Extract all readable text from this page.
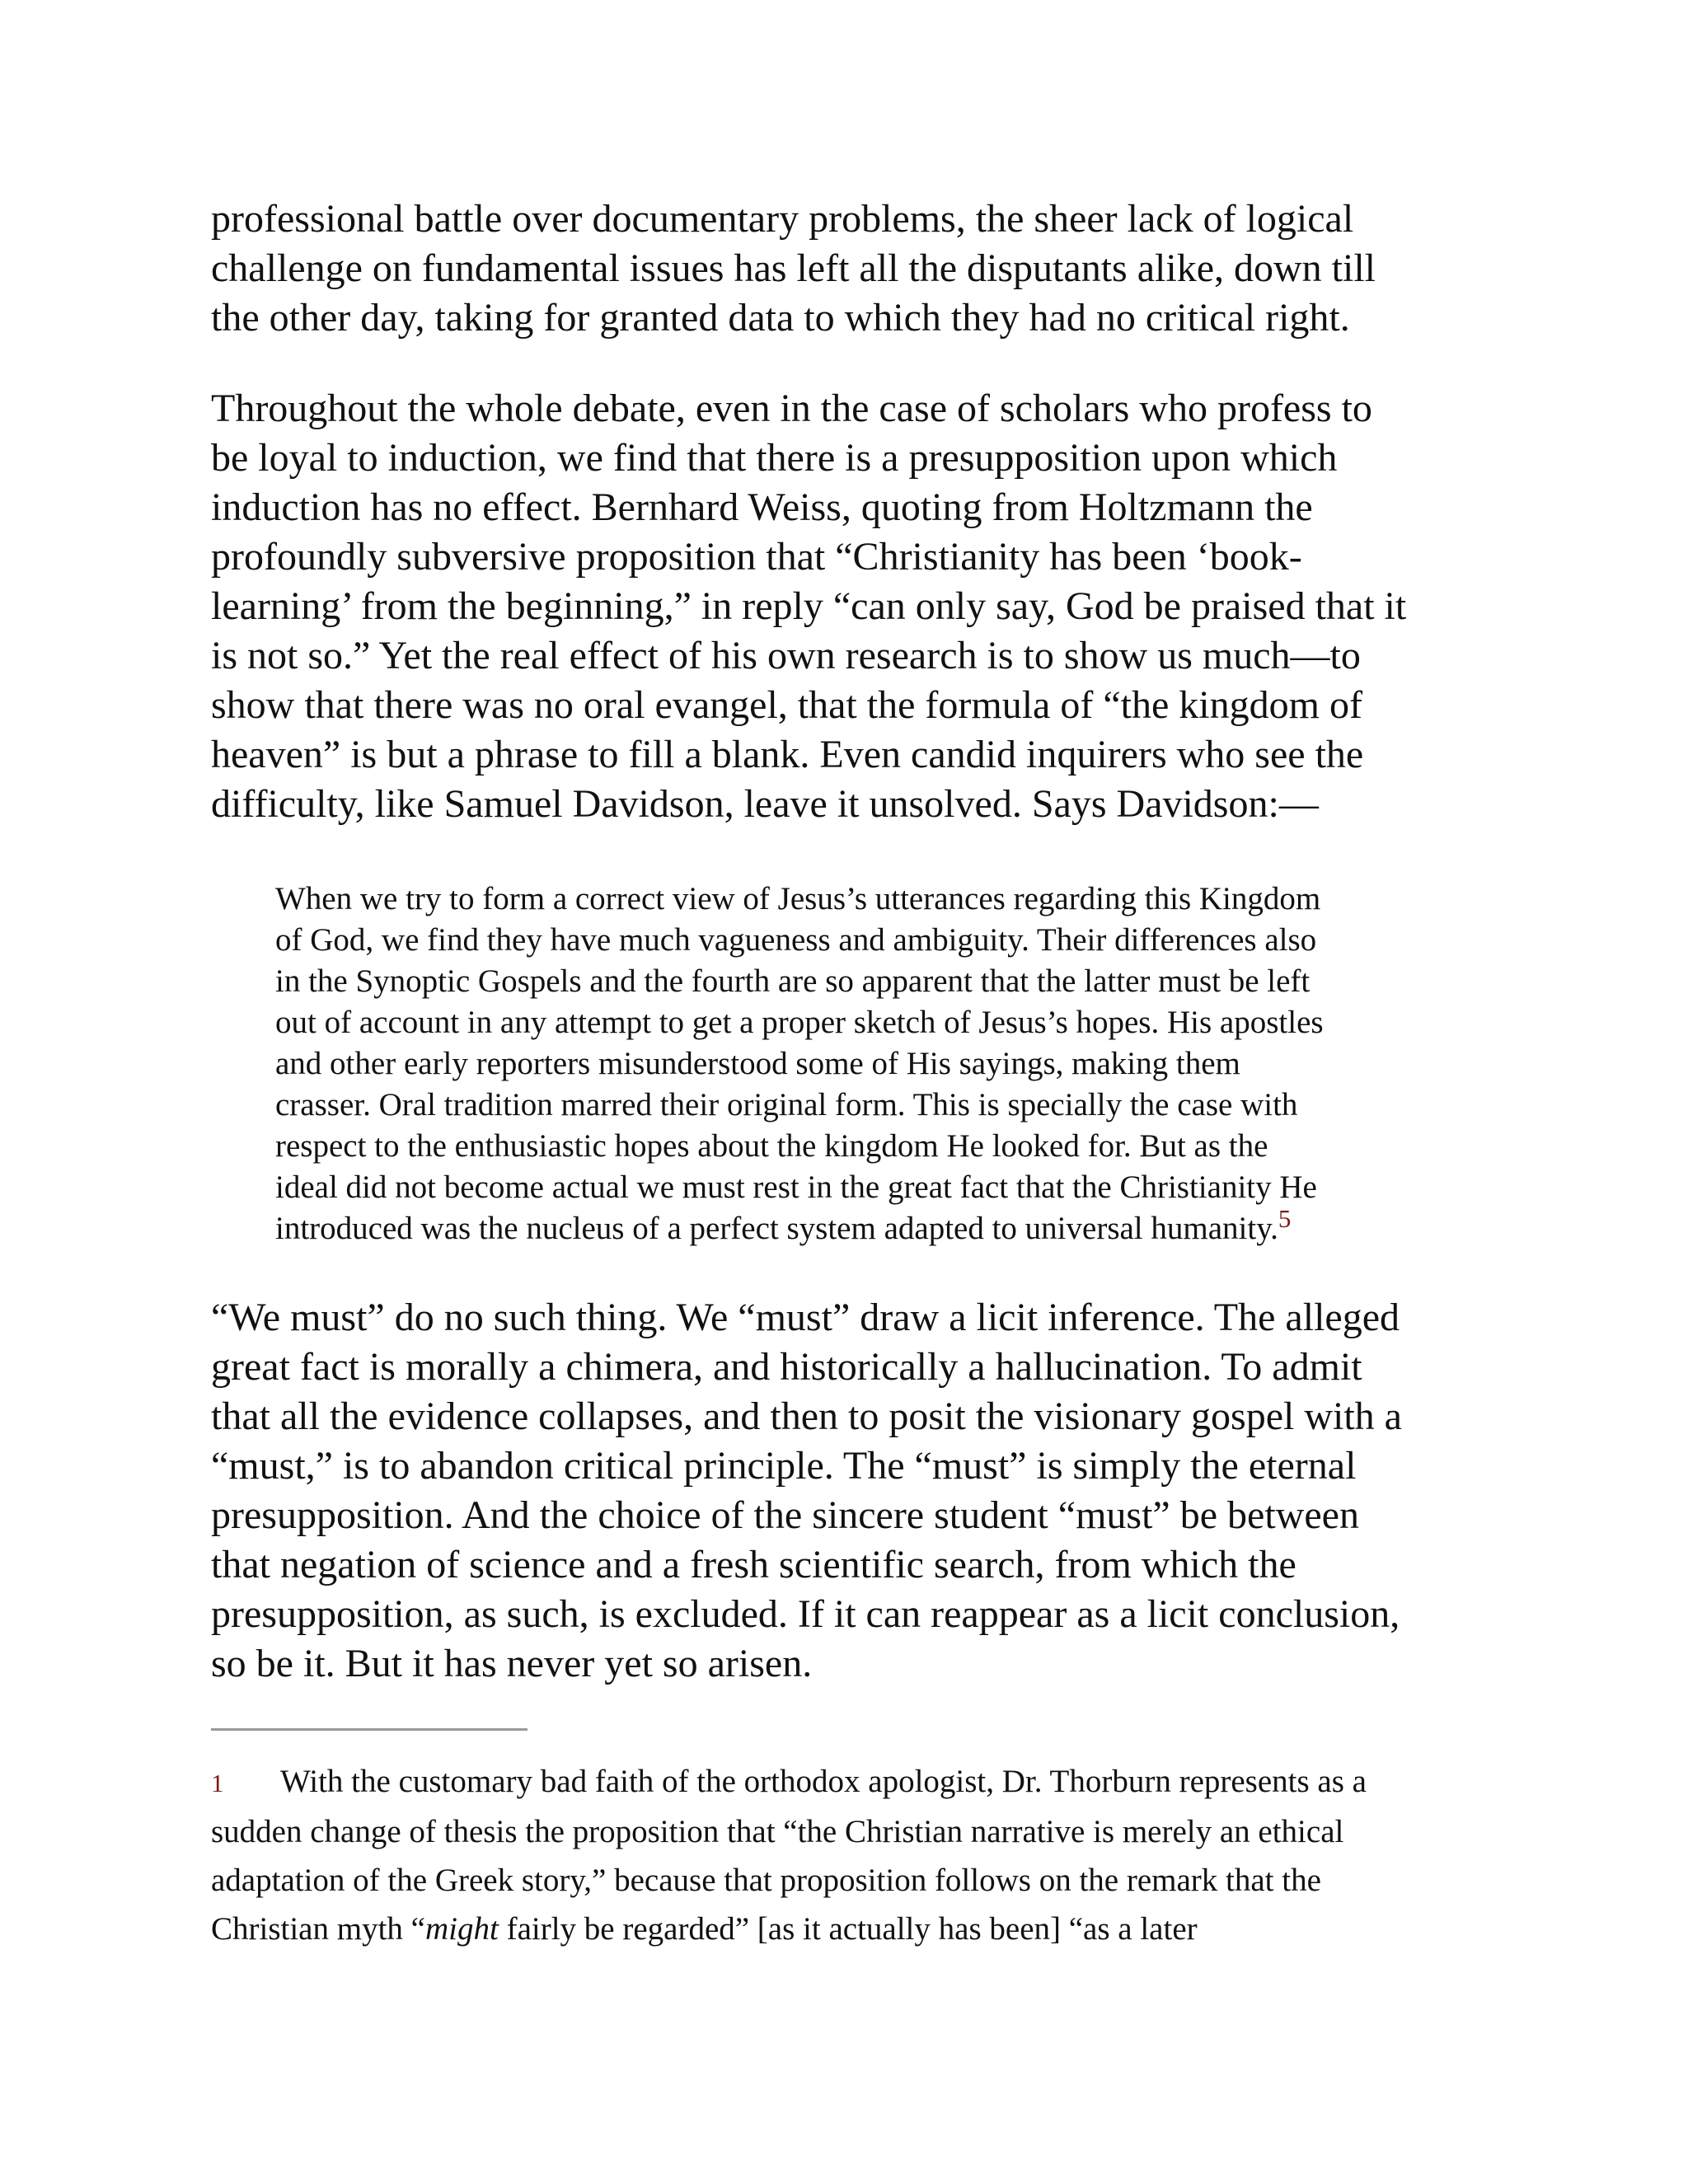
professional battle over documentary problems, the sheer lack of logical
challenge on fundamental issues has left all the disputants alike, down till
the other day, taking for granted data to which they had no critical right.

Throughout the whole debate, even in the case of scholars who profess to
be loyal to induction, we find that there is a presupposition upon which
induction has no effect. Bernhard Weiss, quoting from Holtzmann the
profoundly subversive proposition that “Christianity has been ‘book-
learning’ from the beginning,” in reply “can only say, God be praised that it
is not so.” Yet the real effect of his own research is to show us much—to
show that there was no oral evangel, that the formula of “the kingdom of
heaven” is but a phrase to fill a blank. Even candid inquirers who see the
difficulty, like Samuel Davidson, leave it unsolved. Says Davidson:—

When we try to form a correct view of Jesus’s utterances regarding this Kingdom
of God, we find they have much vagueness and ambiguity. Their differences also
in the Synoptic Gospels and the fourth are so apparent that the latter must be left
out of account in any attempt to get a proper sketch of Jesus’s hopes. His apostles
and other early reporters misunderstood some of His sayings, making them
crasser. Oral tradition marred their original form. This is specially the case with
respect to the enthusiastic hopes about the kingdom He looked for. But as the
ideal did not become actual we must rest in the great fact that the Christianity He
introduced was the nucleus of a perfect system adapted to universal humanity.$^5$

“We must” do no such thing. We “must” draw a licit inference. The alleged
great fact is morally a chimera, and historically a hallucination. To admit
that all the evidence collapses, and then to posit the visionary gospel with a
“must,” is to abandon critical principle. The “must” is simply the eternal
presupposition. And the choice of the sincere student “must” be between
that negation of science and a fresh scientific search, from which the
presupposition, as such, is excluded. If it can reappear as a licit conclusion,
so be it. But it has never yet so arisen.

1 With the customary bad faith of the orthodox apologist, Dr. Thorburn represents as a
sudden change of thesis the proposition that “the Christian narrative is merely an ethical
adaptation of the Greek story,” because that proposition follows on the remark that the
Christian myth “might fairly be regarded” [as it actually has been] “as a later
